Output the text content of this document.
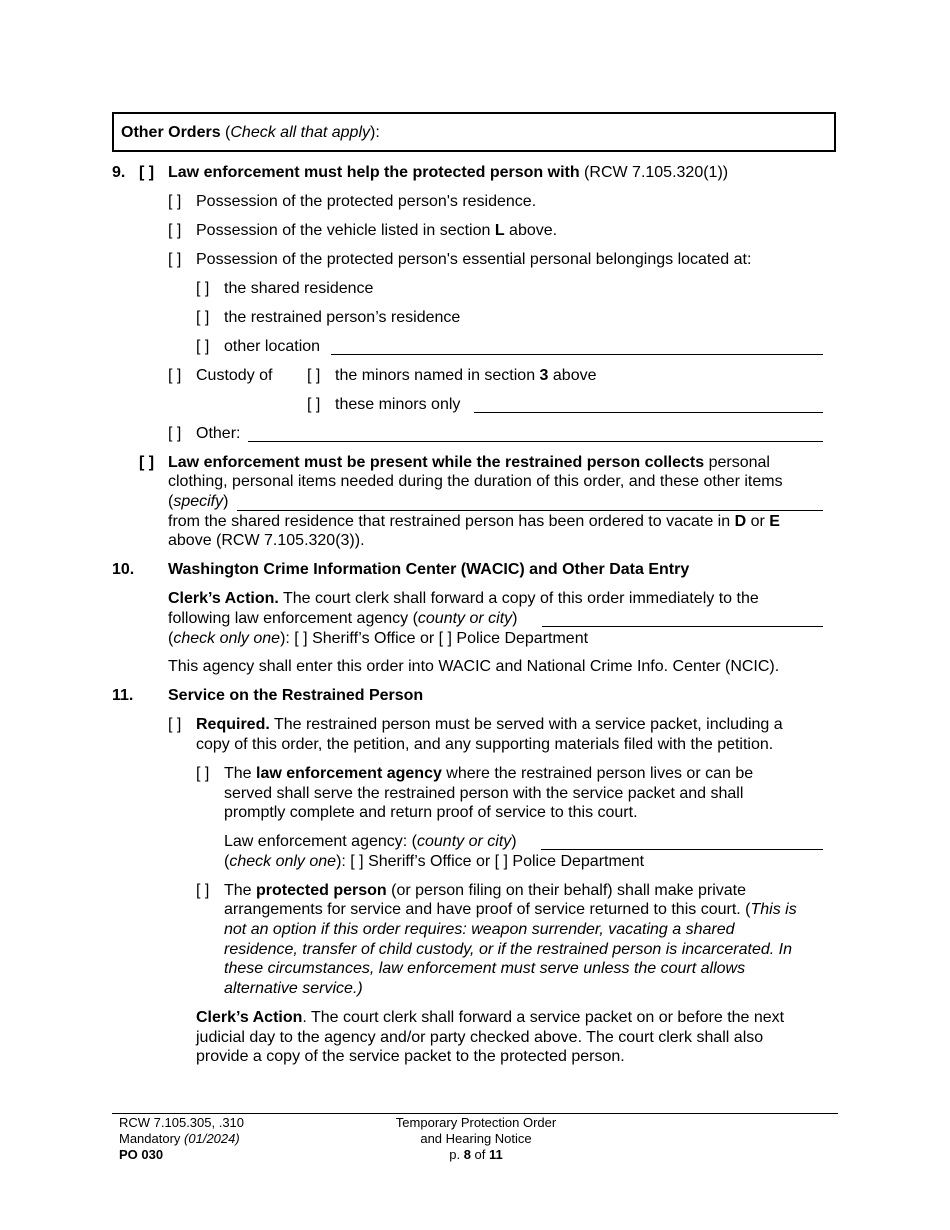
Other Orders (Check all that apply):
9. [ ] Law enforcement must help the protected person with (RCW 7.105.320(1))
[ ] Possession of the protected person's residence.
[ ] Possession of the vehicle listed in section L above.
[ ] Possession of the protected person's essential personal belongings located at:
[ ] the shared residence
[ ] the restrained person’s residence
[ ] other location
[ ] Custody of [ ] the minors named in section 3 above
[ ] these minors only
[ ] Other:
[ ] Law enforcement must be present while the restrained person collects personal
clothing, personal items needed during the duration of this order, and these other items
(specify)
from the shared residence that restrained person has been ordered to vacate in D or E
above (RCW 7.105.320(3)).
10. Washington Crime Information Center (WACIC) and Other Data Entry
Clerk’s Action. The court clerk shall forward a copy of this order immediately to the
following law enforcement agency (county or city)
(check only one): [ ] Sheriff’s Office or [ ] Police Department
This agency shall enter this order into WACIC and National Crime Info. Center (NCIC).
11. Service on the Restrained Person
[ ] Required. The restrained person must be served with a service packet, including a
copy of this order, the petition, and any supporting materials filed with the petition.
[ ] The law enforcement agency where the restrained person lives or can be
served shall serve the restrained person with the service packet and shall
promptly complete and return proof of service to this court.
Law enforcement agency: (county or city)
(check only one): [ ] Sheriff’s Office or [ ] Police Department
[ ] The protected person (or person filing on their behalf) shall make private
arrangements for service and have proof of service returned to this court. (This is
not an option if this order requires: weapon surrender, vacating a shared
residence, transfer of child custody, or if the restrained person is incarcerated. In
these circumstances, law enforcement must serve unless the court allows
alternative service.)
Clerk’s Action. The court clerk shall forward a service packet on or before the next
judicial day to the agency and/or party checked above. The court clerk shall also
provide a copy of the service packet to the protected person.
RCW 7.105.305, .310
Mandatory (01/2024)
PO 030
Temporary Protection Order
and Hearing Notice
p. 8 of 11
